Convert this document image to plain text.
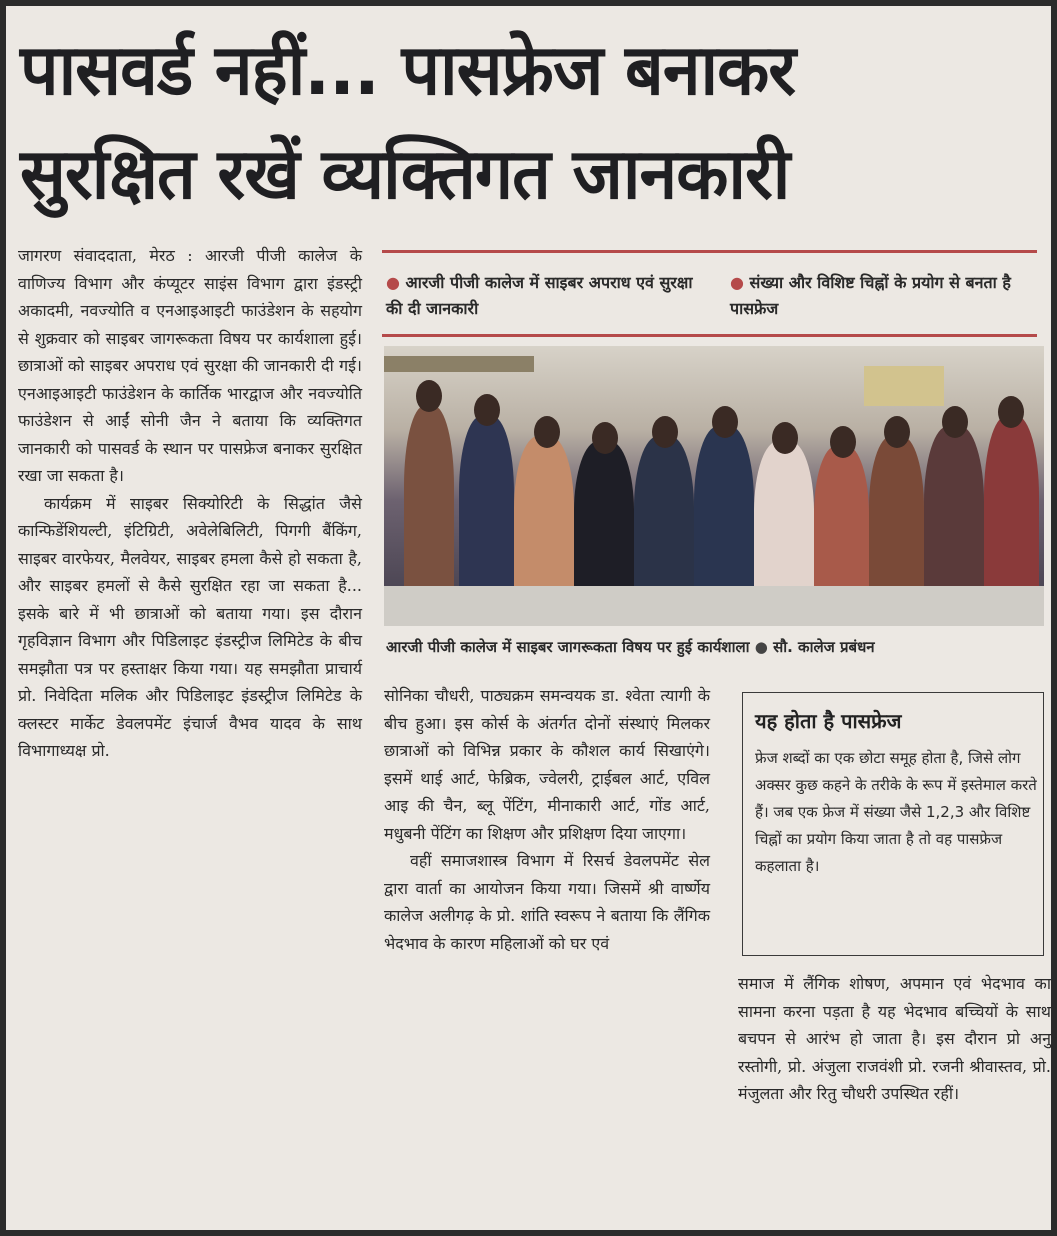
पासवर्ड नहीं... पासफ्रेज बनाकर
सुरक्षित रखें व्यक्तिगत जानकारी

जागरण संवाददाता, मेरठ : आरजी पीजी कालेज के वाणिज्य विभाग और कंप्यूटर साइंस विभाग द्वारा इंडस्ट्री अकादमी, नवज्योति व एनआइआइटी फाउंडेशन के सहयोग से शुक्रवार को साइबर जागरूकता विषय पर कार्यशाला हुई। छात्राओं को साइबर अपराध एवं सुरक्षा की जानकारी दी गई। एनआइआइटी फाउंडेशन के कार्तिक भारद्वाज और नवज्योति फाउंडेशन से आईं सोनी जैन ने बताया कि व्यक्तिगत जानकारी को पासवर्ड के स्थान पर पासफ्रेज बनाकर सुरक्षित रखा जा सकता है।

कार्यक्रम में साइबर सिक्योरिटी के सिद्धांत जैसे कान्फिडेंशियल्टी, इंटिग्रिटी, अवेलेबिलिटी, पिगगी बैंकिंग, साइबर वारफेयर, मैलवेयर, साइबर हमला कैसे हो सकता है, और साइबर हमलों से कैसे सुरक्षित रहा जा सकता है... इसके बारे में भी छात्राओं को बताया गया। इस दौरान गृहविज्ञान विभाग और पिडिलाइट इंडस्ट्रीज लिमिटेड के बीच समझौता पत्र पर हस्ताक्षर किया गया। यह समझौता प्राचार्य प्रो. निवेदिता मलिक और पिडिलाइट इंडस्ट्रीज लिमिटेड के क्लस्टर मार्केट डेवलपमेंट इंचार्ज वैभव यादव के साथ विभागाध्यक्ष प्रो.

● आरजी पीजी कालेज में साइबर अपराध एवं सुरक्षा की दी जानकारी
● संख्या और विशिष्ट चिह्नों के प्रयोग से बनता है पासफ्रेज
आरजी पीजी कालेज में साइबर जागरूकता विषय पर हुई कार्यशाला ● सौ. कालेज प्रबंधन

सोनिका चौधरी, पाठ्यक्रम समन्वयक डा. श्वेता त्यागी के बीच हुआ। इस कोर्स के अंतर्गत दोनों संस्थाएं मिलकर छात्राओं को विभिन्न प्रकार के कौशल कार्य सिखाएंगे। इसमें थाई आर्ट, फेब्रिक, ज्वेलरी, ट्राईबल आर्ट, एविल आइ की चैन, ब्लू पेंटिंग, मीनाकारी आर्ट, गोंड आर्ट, मधुबनी पेंटिंग का शिक्षण और प्रशिक्षण दिया जाएगा।

वहीं समाजशास्त्र विभाग में रिसर्च डेवलपमेंट सेल द्वारा वार्ता का आयोजन किया गया। जिसमें श्री वार्ष्णेय कालेज अलीगढ़ के प्रो. शांति स्वरूप ने बताया कि लैंगिक भेदभाव के कारण महिलाओं को घर एवं

यह होता है पासफ्रेज
फ्रेज शब्दों का एक छोटा समूह होता है, जिसे लोग अक्सर कुछ कहने के तरीके के रूप में इस्तेमाल करते हैं। जब एक फ्रेज में संख्या जैसे 1,2,3 और विशिष्ट चिह्नों का प्रयोग किया जाता है तो वह पासफ्रेज कहलाता है।

समाज में लैंगिक शोषण, अपमान एवं भेदभाव का सामना करना पड़ता है यह भेदभाव बच्चियों के साथ बचपन से आरंभ हो जाता है। इस दौरान प्रो अनु रस्तोगी, प्रो. अंजुला राजवंशी प्रो. रजनी श्रीवास्तव, प्रो. मंजुलता और रितु चौधरी उपस्थित रहीं।
